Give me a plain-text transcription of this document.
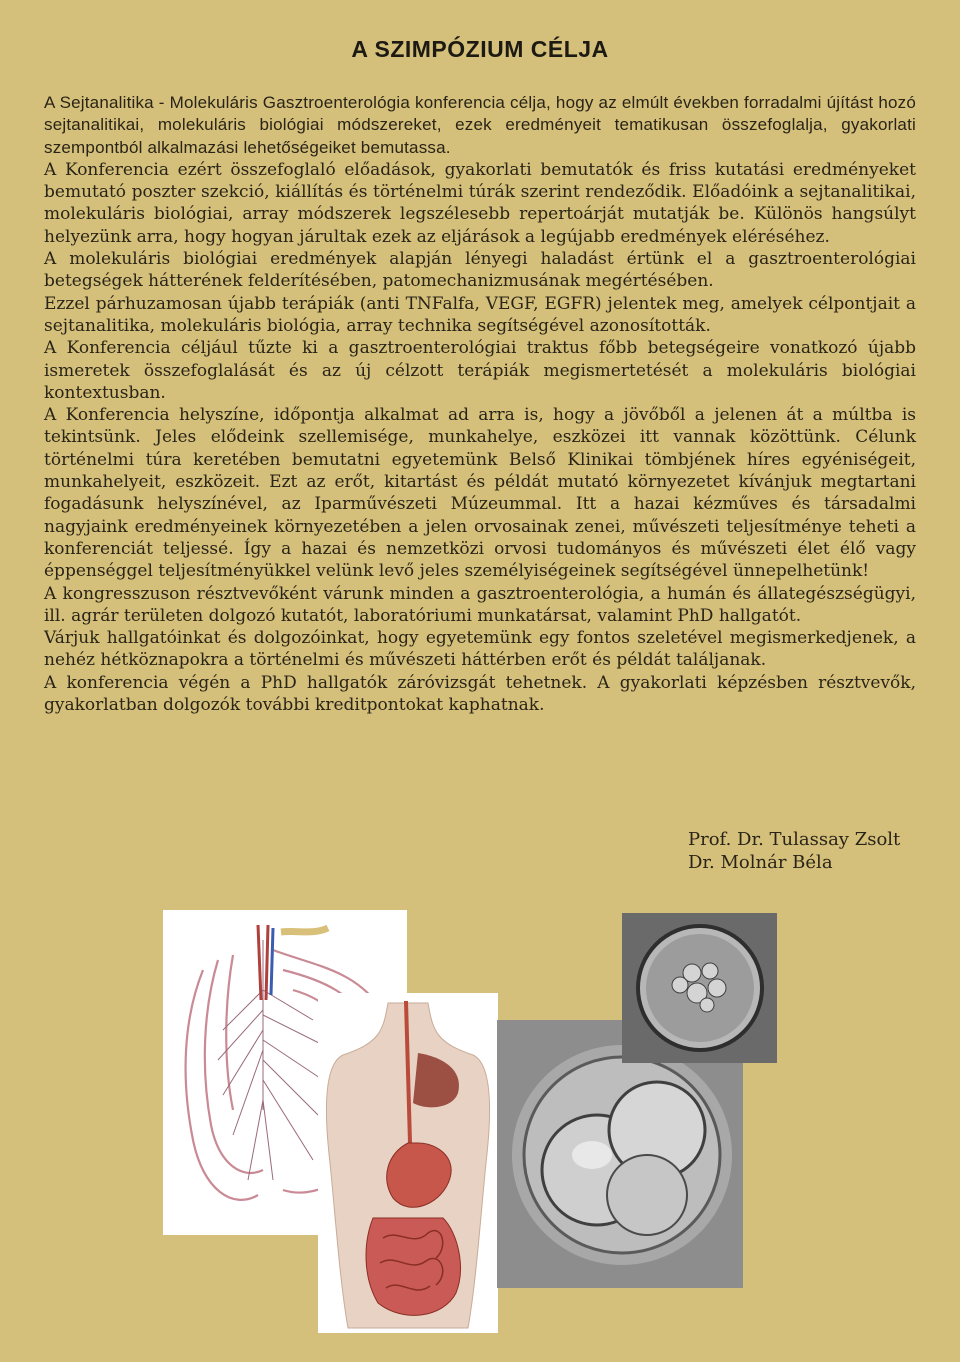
A SZIMPÓZIUM CÉLJA

A Sejtanalitika - Molekuláris Gasztroenterológia konferencia célja, hogy az elmúlt években forradalmi újítást hozó sejtanalitikai, molekuláris biológiai módszereket, ezek eredményeit tematikusan összefoglalja, gyakorlati szempontból alkalmazási lehetőségeiket bemutassa.

A Konferencia ezért összefoglaló előadások, gyakorlati bemutatók és friss kutatási eredményeket bemutató poszter szekció, kiállítás és történelmi túrák szerint rendeződik. Előadóink a sejtanalitikai, molekuláris biológiai, array módszerek legszélesebb repertoárját mutatják be. Különös hangsúlyt helyezünk arra, hogy hogyan járultak ezek az eljárások a legújabb eredmények eléréséhez.

A molekuláris biológiai eredmények alapján lényegi haladást értünk el a gasztroenterológiai betegségek hátterének felderítésében, patomechanizmusának megértésében.

Ezzel párhuzamosan újabb terápiák (anti TNFalfa, VEGF, EGFR) jelentek meg, amelyek célpontjait a sejtanalitika, molekuláris biológia, array technika segítségével azonosították.

A Konferencia céljául tűzte ki a gasztroenterológiai traktus főbb betegségeire vonatkozó újabb ismeretek összefoglalását és az új célzott terápiák megismertetését a molekuláris biológiai kontextusban.

A Konferencia helyszíne, időpontja alkalmat ad arra is, hogy a jövőből a jelenen át a múltba is tekintsünk. Jeles elődeink szellemisége, munkahelye, eszközei itt vannak közöttünk. Célunk történelmi túra keretében bemutatni egyetemünk Belső Klinikai tömbjének híres egyéniségeit, munkahelyeit, eszközeit. Ezt az erőt, kitartást és példát mutató környezetet kívánjuk megtartani fogadásunk helyszínével, az Iparművészeti Múzeummal. Itt a hazai kézműves és társadalmi nagyjaink eredményeinek környezetében a jelen orvosainak zenei, művészeti teljesítménye teheti a konferenciát teljessé. Így a hazai és nemzetközi orvosi tudományos és művészeti élet élő vagy éppenséggel teljesítményükkel velünk levő jeles személyiségeinek segítségével ünnepelhetünk!

A kongresszuson résztvevőként várunk minden a gasztroenterológia, a humán és állategészségügyi, ill. agrár területen dolgozó kutatót, laboratóriumi munkatársat, valamint PhD hallgatót.

Várjuk hallgatóinkat és dolgozóinkat, hogy egyetemünk egy fontos szeletével megismerkedjenek, a nehéz hétköznapokra a történelmi és művészeti háttérben erőt és példát találjanak.

A konferencia végén a PhD hallgatók záróvizsgát tehetnek. A gyakorlati képzésben résztvevők, gyakorlatban dolgozók további kreditpontokat kaphatnak.

Prof. Dr. Tulassay Zsolt
Dr. Molnár Béla
